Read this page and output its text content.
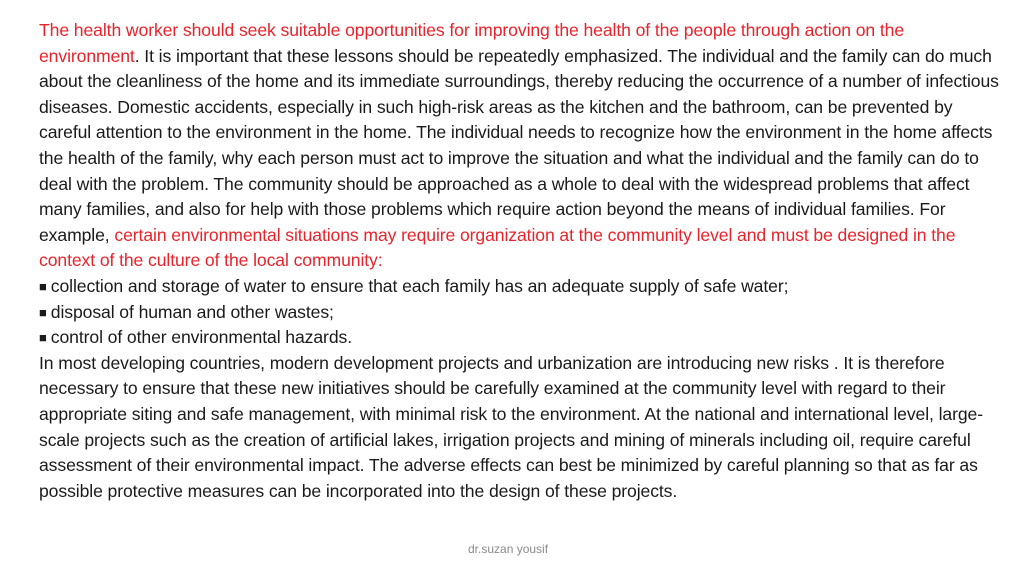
The health worker should seek suitable opportunities for improving the health of the people through action on the environment. It is important that these lessons should be repeatedly emphasized. The individual and the family can do much about the cleanliness of the home and its immediate surroundings, thereby reducing the occurrence of a number of infectious diseases. Domestic accidents, especially in such high-risk areas as the kitchen and the bathroom, can be prevented by careful attention to the environment in the home. The individual needs to recognize how the environment in the home affects the health of the family, why each person must act to improve the situation and what the individual and the family can do to deal with the problem. The community should be approached as a whole to deal with the widespread problems that affect many families, and also for help with those problems which require action beyond the means of individual families. For example, certain environmental situations may require organization at the community level and must be designed in the context of the culture of the local community:

■ collection and storage of water to ensure that each family has an adequate supply of safe water;
■ disposal of human and other wastes;
■ control of other environmental hazards.

In most developing countries, modern development projects and urbanization are introducing new risks . It is therefore necessary to ensure that these new initiatives should be carefully examined at the community level with regard to their appropriate siting and safe management, with minimal risk to the environment. At the national and international level, large-scale projects such as the creation of artificial lakes, irrigation projects and mining of minerals including oil, require careful assessment of their environmental impact. The adverse effects can best be minimized by careful planning so that as far as possible protective measures can be incorporated into the design of these projects.

dr.suzan yousif
